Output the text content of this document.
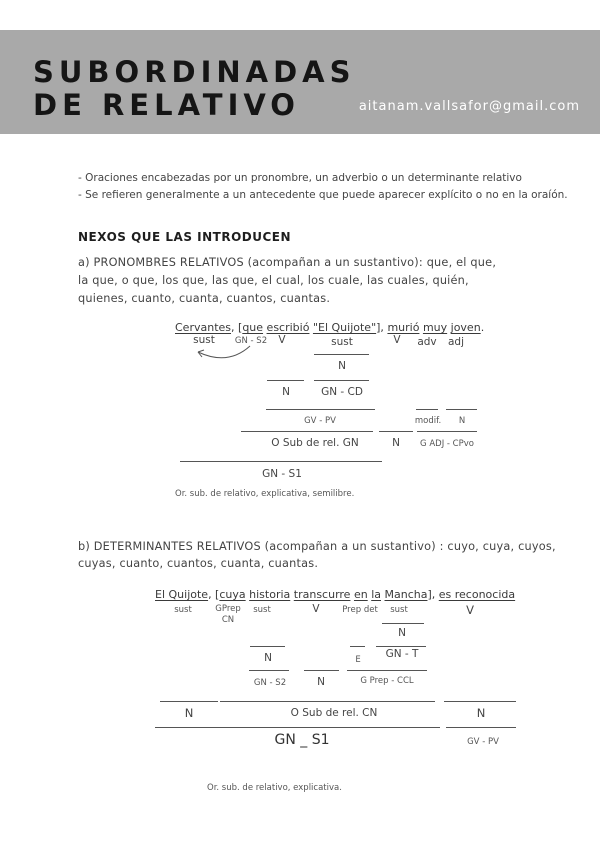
SUBORDINADAS
DE RELATIVO	aitanam.vallsafor@gmail.com
- Oraciones encabezadas por un pronombre, un adverbio o un determinante relativo
- Se refieren generalmente a un antecedente que puede aparecer explícito o no en la oraíón.
NEXOS QUE LAS INTRODUCEN
a) PRONOMBRES RELATIVOS (acompañan a un sustantivo): que, el que,
la que, o que, los que, las que, el cual, los cuale, las cuales, quién,
quienes, cuanto, cuanta, cuantos, cuantas.
Cervantes, [que escribió "El Quijote"], murió muy joven.
sust GN - S2 V	sust	V adv adj
N
N	GN - CD
GV - PV	modif. N
O Sub de rel. GN	N G ADJ - CPvo
GN - S1
Or. sub. de relativo, explicativa, semilibre.
b) DETERMINANTES RELATIVOS (acompañan a un sustantivo) : cuyo, cuya, cuyos,
cuyas, cuanto, cuantos, cuanta, cuantas.
El Quijote, [cuya historia transcurre en la Mancha], es reconocida
sust	GPrep
CN
sust	V	Prep det sust	V
N
N	GN - T
E
GN - S2	N	G Prep - CCL
N	O Sub de rel. CN	N
GN _ S1	GV - PV
Or. sub. de relativo, explicativa.
